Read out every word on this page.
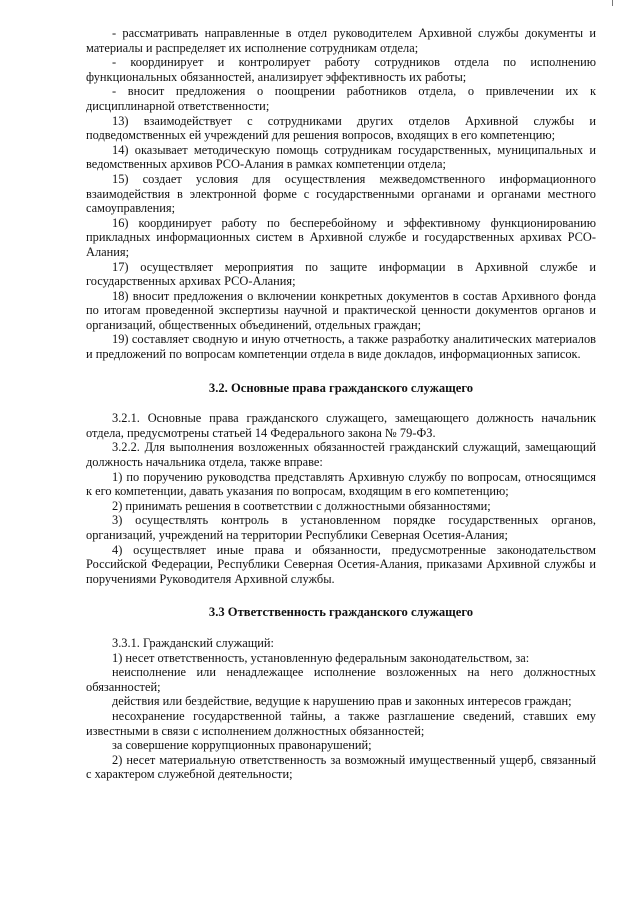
- рассматривать направленные в отдел руководителем Архивной службы документы и материалы и распределяет их исполнение сотрудникам отдела;

- координирует и контролирует работу сотрудников отдела по исполнению функциональных обязанностей, анализирует эффективность их работы;

- вносит предложения о поощрении работников отдела, о привлечении их к дисциплинарной ответственности;

13) взаимодействует с сотрудниками других отделов Архивной службы и подведомственных ей учреждений для решения вопросов, входящих в его компетенцию;

14) оказывает методическую помощь сотрудникам государственных, муниципальных и ведомственных архивов РСО-Алания в рамках компетенции отдела;

15) создает условия для осуществления межведомственного информационного взаимодействия в электронной форме с государственными органами и органами местного самоуправления;

16) координирует работу по бесперебойному и эффективному функционированию прикладных информационных систем в Архивной службе и государственных архивах РСО-Алания;

17) осуществляет мероприятия по защите информации в Архивной службе и государственных архивах РСО-Алания;

18) вносит предложения о включении конкретных документов в состав Архивного фонда по итогам проведенной экспертизы научной и практической ценности документов органов и организаций, общественных объединений, отдельных граждан;

19) составляет сводную и иную отчетность, а также разработку аналитических материалов и предложений по вопросам компетенции отдела в виде докладов, информационных записок.

3.2. Основные права гражданского служащего

3.2.1. Основные права гражданского служащего, замещающего должность начальник отдела, предусмотрены статьей 14 Федерального закона № 79-ФЗ.

3.2.2. Для выполнения возложенных обязанностей гражданский служащий, замещающий должность начальника отдела, также вправе:

1) по поручению руководства представлять Архивную службу по вопросам, относящимся к его компетенции, давать указания по вопросам, входящим в его компетенцию;

2) принимать решения в соответствии с должностными обязанностями;

3) осуществлять контроль в установленном порядке государственных органов, организаций, учреждений на территории Республики Северная Осетия-Алания;

4) осуществляет иные права и обязанности, предусмотренные законодательством Российской Федерации, Республики Северная Осетия-Алания, приказами Архивной службы и поручениями Руководителя Архивной службы.

3.3 Ответственность гражданского служащего

3.3.1. Гражданский служащий:

1) несет ответственность, установленную федеральным законодательством, за:

неисполнение или ненадлежащее исполнение возложенных на него должностных обязанностей;

действия или бездействие, ведущие к нарушению прав и законных интересов граждан;

несохранение государственной тайны, а также разглашение сведений, ставших ему известными в связи с исполнением должностных обязанностей;

за совершение коррупционных правонарушений;

2) несет материальную ответственность за возможный имущественный ущерб, связанный с характером служебной деятельности;
